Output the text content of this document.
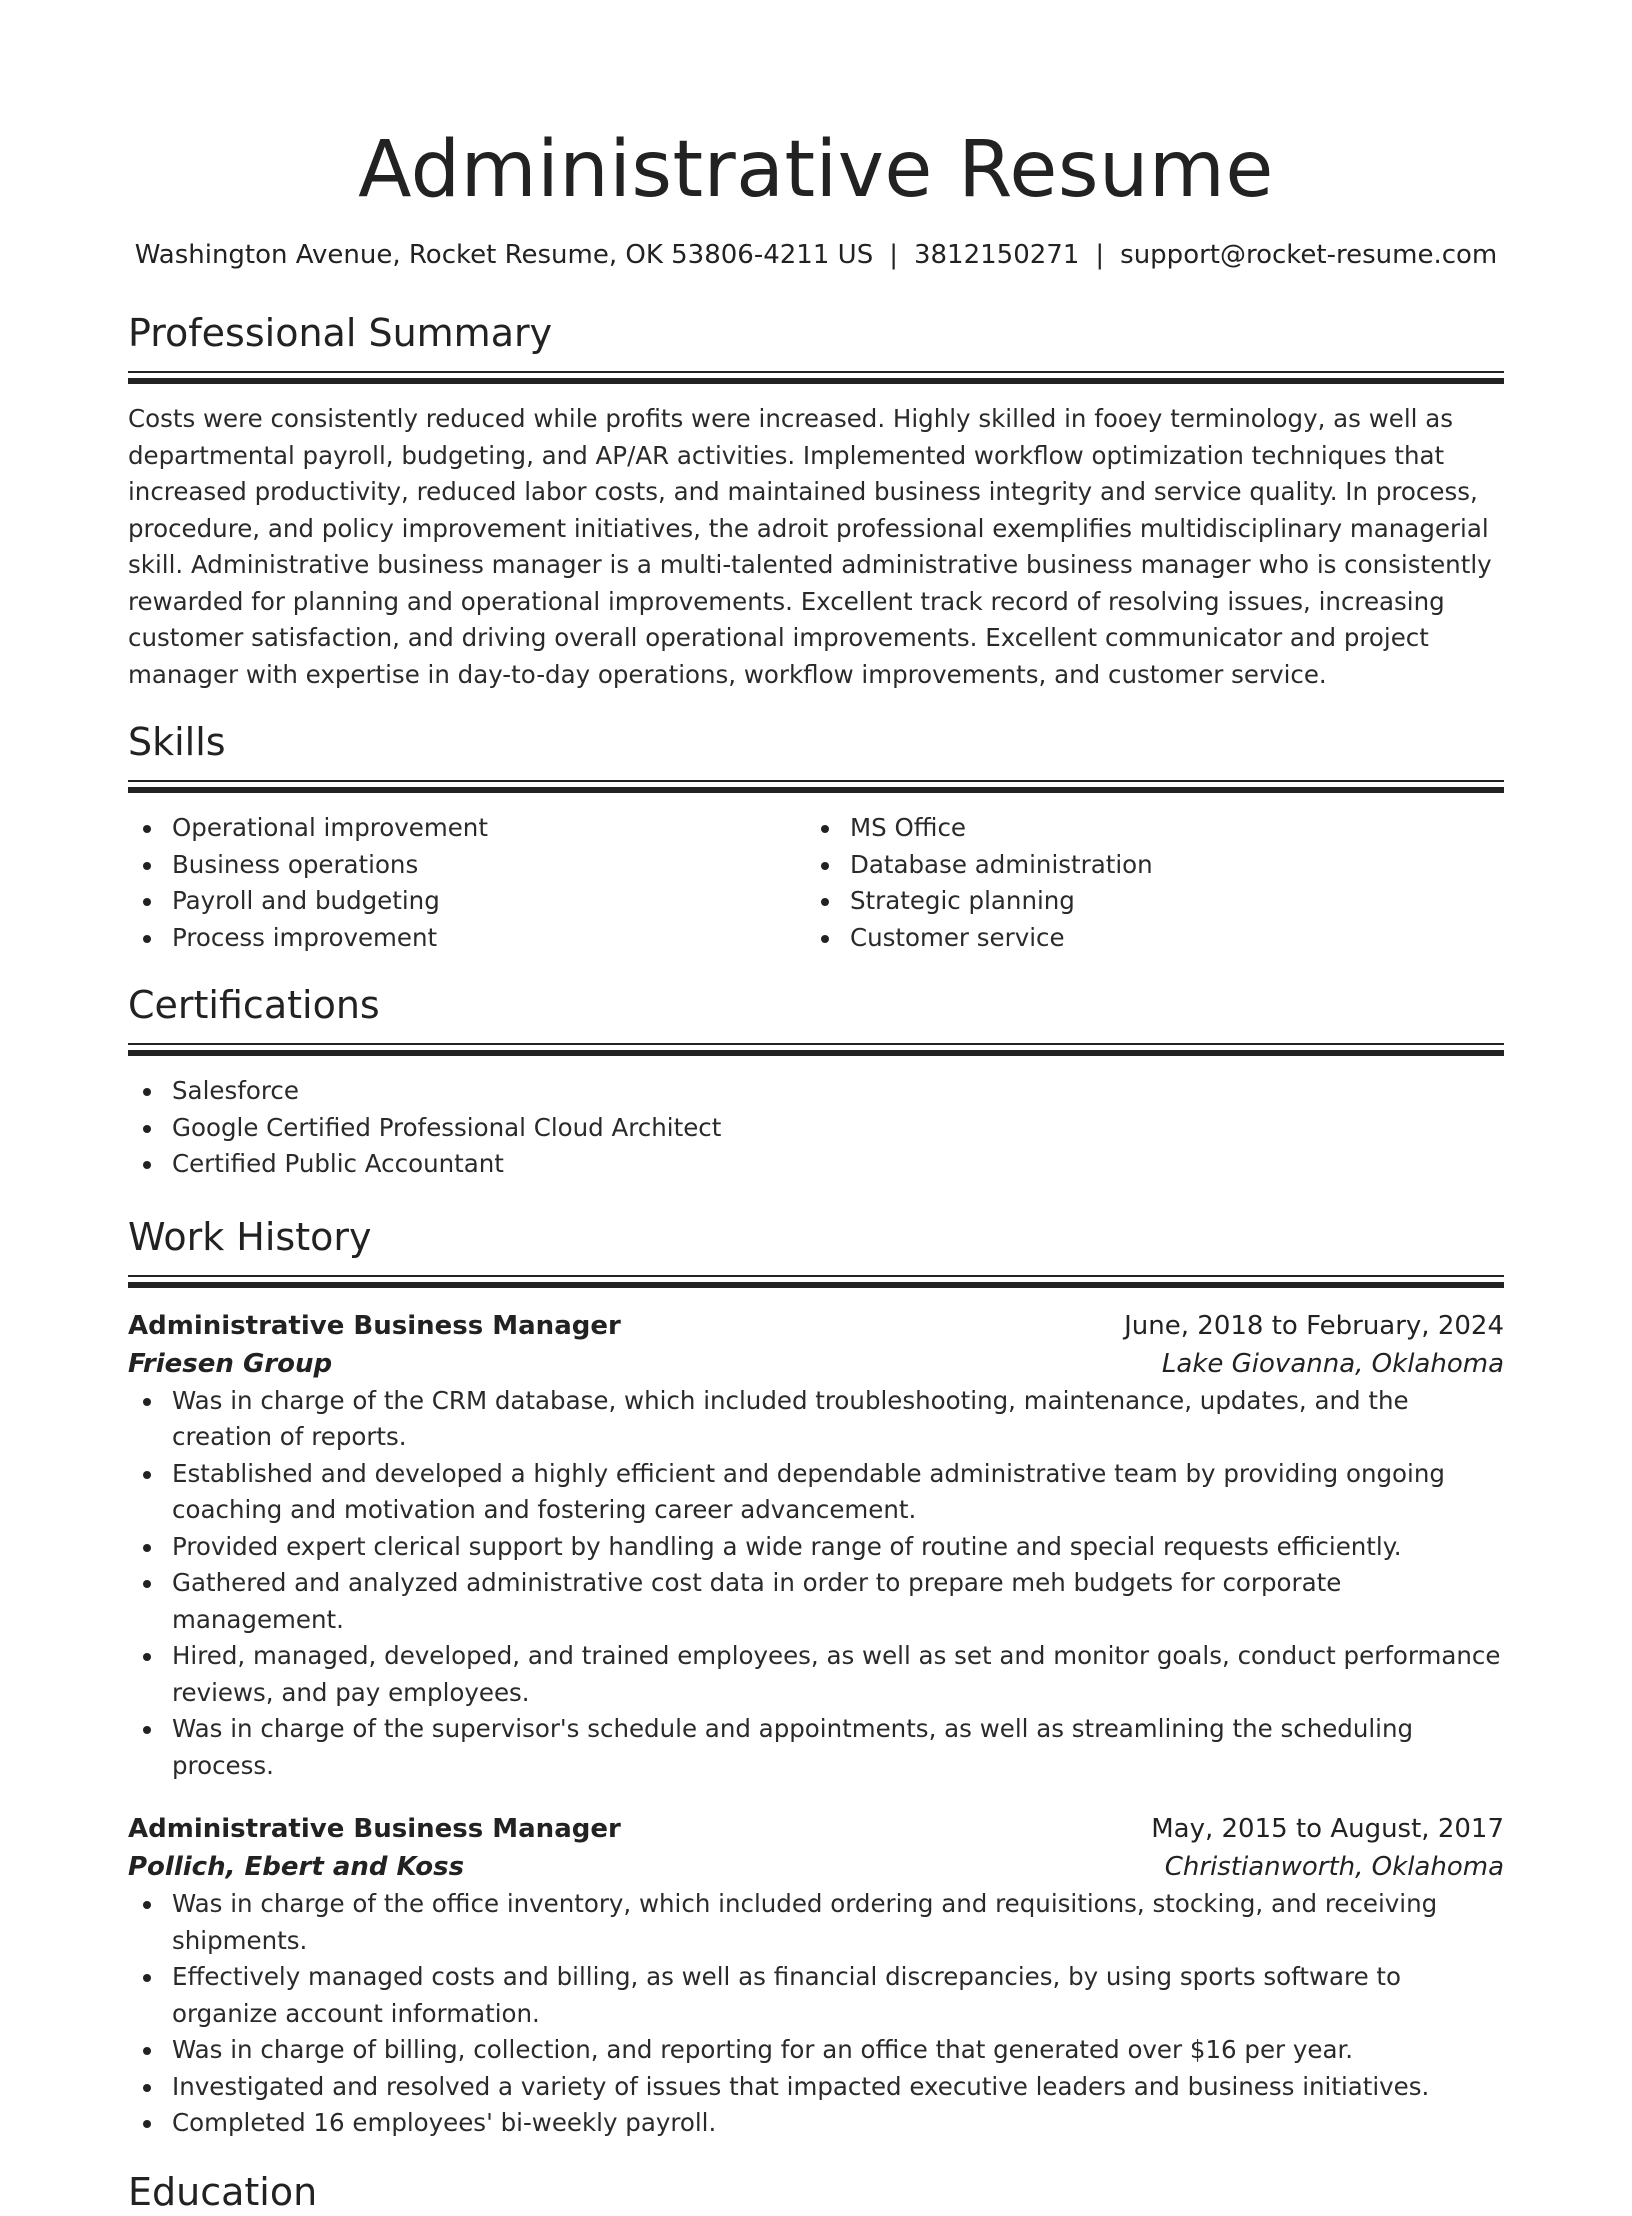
Administrative Resume
Washington Avenue, Rocket Resume, OK 53806-4211 US | 3812150271 | support@rocket-resume.com
Professional Summary
Costs were consistently reduced while profits were increased. Highly skilled in fooey terminology, as well as departmental payroll, budgeting, and AP/AR activities. Implemented workflow optimization techniques that increased productivity, reduced labor costs, and maintained business integrity and service quality. In process, procedure, and policy improvement initiatives, the adroit professional exemplifies multidisciplinary managerial skill. Administrative business manager is a multi-talented administrative business manager who is consistently rewarded for planning and operational improvements. Excellent track record of resolving issues, increasing customer satisfaction, and driving overall operational improvements. Excellent communicator and project manager with expertise in day-to-day operations, workflow improvements, and customer service.
Skills
Operational improvement
Business operations
Payroll and budgeting
Process improvement
MS Office
Database administration
Strategic planning
Customer service
Certifications
Salesforce
Google Certified Professional Cloud Architect
Certified Public Accountant
Work History
Administrative Business Manager	June, 2018 to February, 2024
Friesen Group	Lake Giovanna, Oklahoma
Was in charge of the CRM database, which included troubleshooting, maintenance, updates, and the creation of reports.
Established and developed a highly efficient and dependable administrative team by providing ongoing coaching and motivation and fostering career advancement.
Provided expert clerical support by handling a wide range of routine and special requests efficiently.
Gathered and analyzed administrative cost data in order to prepare meh budgets for corporate management.
Hired, managed, developed, and trained employees, as well as set and monitor goals, conduct performance reviews, and pay employees.
Was in charge of the supervisor's schedule and appointments, as well as streamlining the scheduling process.
Administrative Business Manager	May, 2015 to August, 2017
Pollich, Ebert and Koss	Christianworth, Oklahoma
Was in charge of the office inventory, which included ordering and requisitions, stocking, and receiving shipments.
Effectively managed costs and billing, as well as financial discrepancies, by using sports software to organize account information.
Was in charge of billing, collection, and reporting for an office that generated over $16 per year.
Investigated and resolved a variety of issues that impacted executive leaders and business initiatives.
Completed 16 employees' bi-weekly payroll.
Education
